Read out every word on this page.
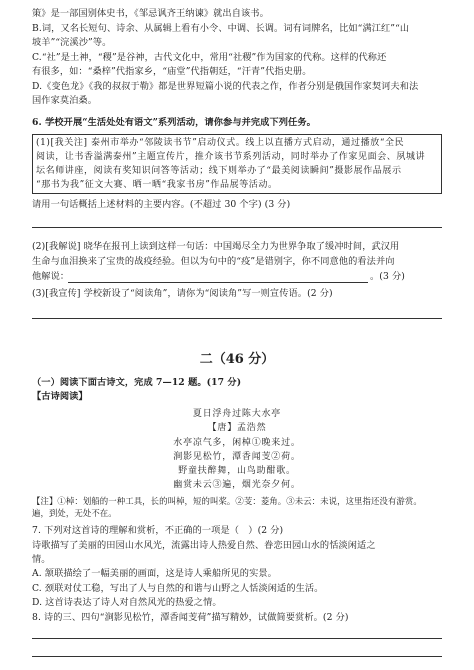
策》是一部国别体史书，《邹忌讽齐王纳谏》就出自该书。
B.词，又名长短句、诗余、从属辑上看有小令、中调、长调。词有词牌名，比如“满江红”“山
坡羊”“浣溪沙”等。
C.“社”是土神，“稷”是谷神，古代文化中，常用“社稷”作为国家的代称。这样的代称还
有很多，如：“桑梓”代指家乡，“庙堂”代指朝廷，“汗青”代指史册。
D.《变色龙》《我的叔叔于勒》都是世界短篇小说的代表之作，作者分别是俄国作家契诃夫和法
国作家莫泊桑。
6. 学校开展“生活处处有语文”系列活动，请你参与并完成下列任务。
(1)[我关注] 泰州市举办“邻陵读书节”启动仪式。线上以直播方式启动，通过播放“全民
阅读，让书香溢满泰州”主题宣传片，推介该书节系列活动，同时举办了作家见面会、夙城讲
坛名师讲座，阅读有奖知识问答等活动；线下则举办了“最美阅读瞬间”摄影展作品展示
“那书为我”征文大赛、晒一晒“我家书房”作品展等活动。
请用一句话概括上述材料的主要内容。(不超过 30 个字) (3 分)
(2)[我解说] 晓华在报刊上读到这样一句话：中国竭尽全力为世界争取了缓冲时间，武汉用
生命与血泪换来了宝贵的战疫经验。但以为句中的“疫”是错别字，你不同意他的看法并向
他解说：	。(3 分)
(3)[我宣传] 学校新设了“阅读角”，请你为“阅读角”写一则宣传语。(2 分)
二（46 分）
（一）阅读下面古诗文，完成 7—12 题。(17 分)
【古诗阅读】
夏日浮舟过陈大水亭
【唐】孟浩然
水亭凉气多，闲棹①晚来过。
涧影见松竹，潭香闻芰②荷。
野童扶醉舞，山鸟助酣歌。
幽赏未云③遍，烟光奈夕何。
【注】①棹：划船的一种工具，长的叫棹，短的叫桨。②芰：菱角。③未云：未说，这里指还没有游赏。
遍，到处，无处不在。
7. 下列对这首诗的理解和赏析，不正确的一项是（　）(2 分)
诗歌描写了美丽的田园山水风光，流露出诗人热爱自然、眷恋田园山水的恬淡闲适之
情。
A. 颔联描绘了一幅美丽的画面，这是诗人乘船所见的实景。
C. 颈联对仗工稳，写出了人与自然的和谐与山野之人恬淡闲适的生活。
D. 这首诗表达了诗人对自然风光的热爱之情。
8. 诗的三、四句“涧影见松竹，潭香闻芰荷”描写精妙，试做简要赏析。(2 分)
